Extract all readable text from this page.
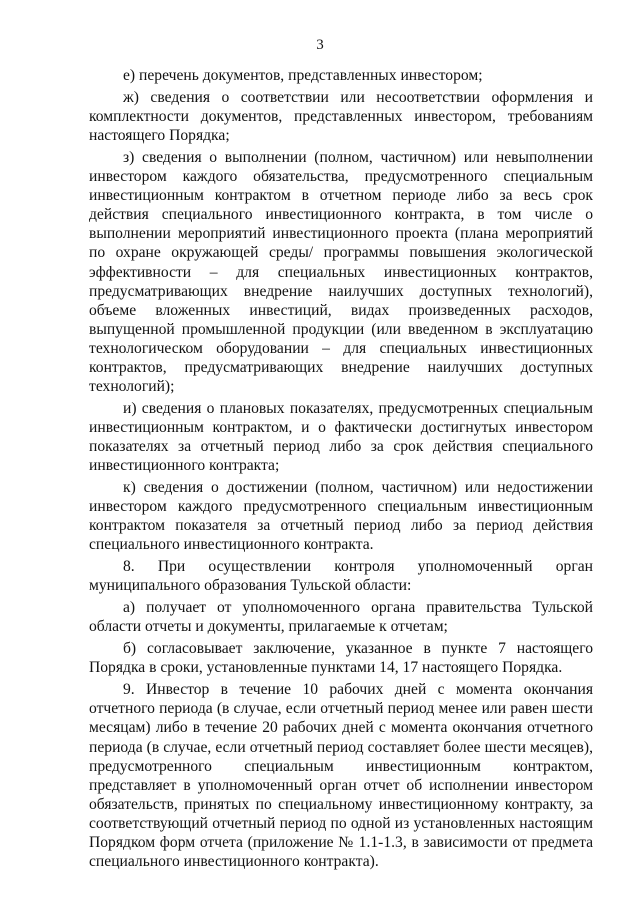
3

е) перечень документов, представленных инвестором;

ж) сведения о соответствии или несоответствии оформления и комплектности документов, представленных инвестором, требованиям настоящего Порядка;

з) сведения о выполнении (полном, частичном) или невыполнении инвестором каждого обязательства, предусмотренного специальным инвестиционным контрактом в отчетном периоде либо за весь срок действия специального инвестиционного контракта, в том числе о выполнении мероприятий инвестиционного проекта (плана мероприятий по охране окружающей среды/ программы повышения экологической эффективности – для специальных инвестиционных контрактов, предусматривающих внедрение наилучших доступных технологий), объеме вложенных инвестиций, видах произведенных расходов, выпущенной промышленной продукции (или введенном в эксплуатацию технологическом оборудовании – для специальных инвестиционных контрактов, предусматривающих внедрение наилучших доступных технологий);

и) сведения о плановых показателях, предусмотренных специальным инвестиционным контрактом, и о фактически достигнутых инвестором показателях за отчетный период либо за срок действия специального инвестиционного контракта;

к) сведения о достижении (полном, частичном) или недостижении инвестором каждого предусмотренного специальным инвестиционным контрактом показателя за отчетный период либо за период действия специального инвестиционного контракта.

8. При осуществлении контроля уполномоченный орган муниципального образования Тульской области:

а) получает от уполномоченного органа правительства Тульской области отчеты и документы, прилагаемые к отчетам;

б) согласовывает заключение, указанное в пункте 7 настоящего Порядка в сроки, установленные пунктами 14, 17 настоящего Порядка.

9. Инвестор в течение 10 рабочих дней с момента окончания отчетного периода (в случае, если отчетный период менее или равен шести месяцам) либо в течение 20 рабочих дней с момента окончания отчетного периода (в случае, если отчетный период составляет более шести месяцев), предусмотренного специальным инвестиционным контрактом, представляет в уполномоченный орган отчет об исполнении инвестором обязательств, принятых по специальному инвестиционному контракту, за соответствующий отчетный период по одной из установленных настоящим Порядком форм отчета (приложение № 1.1-1.3, в зависимости от предмета специального инвестиционного контракта).
